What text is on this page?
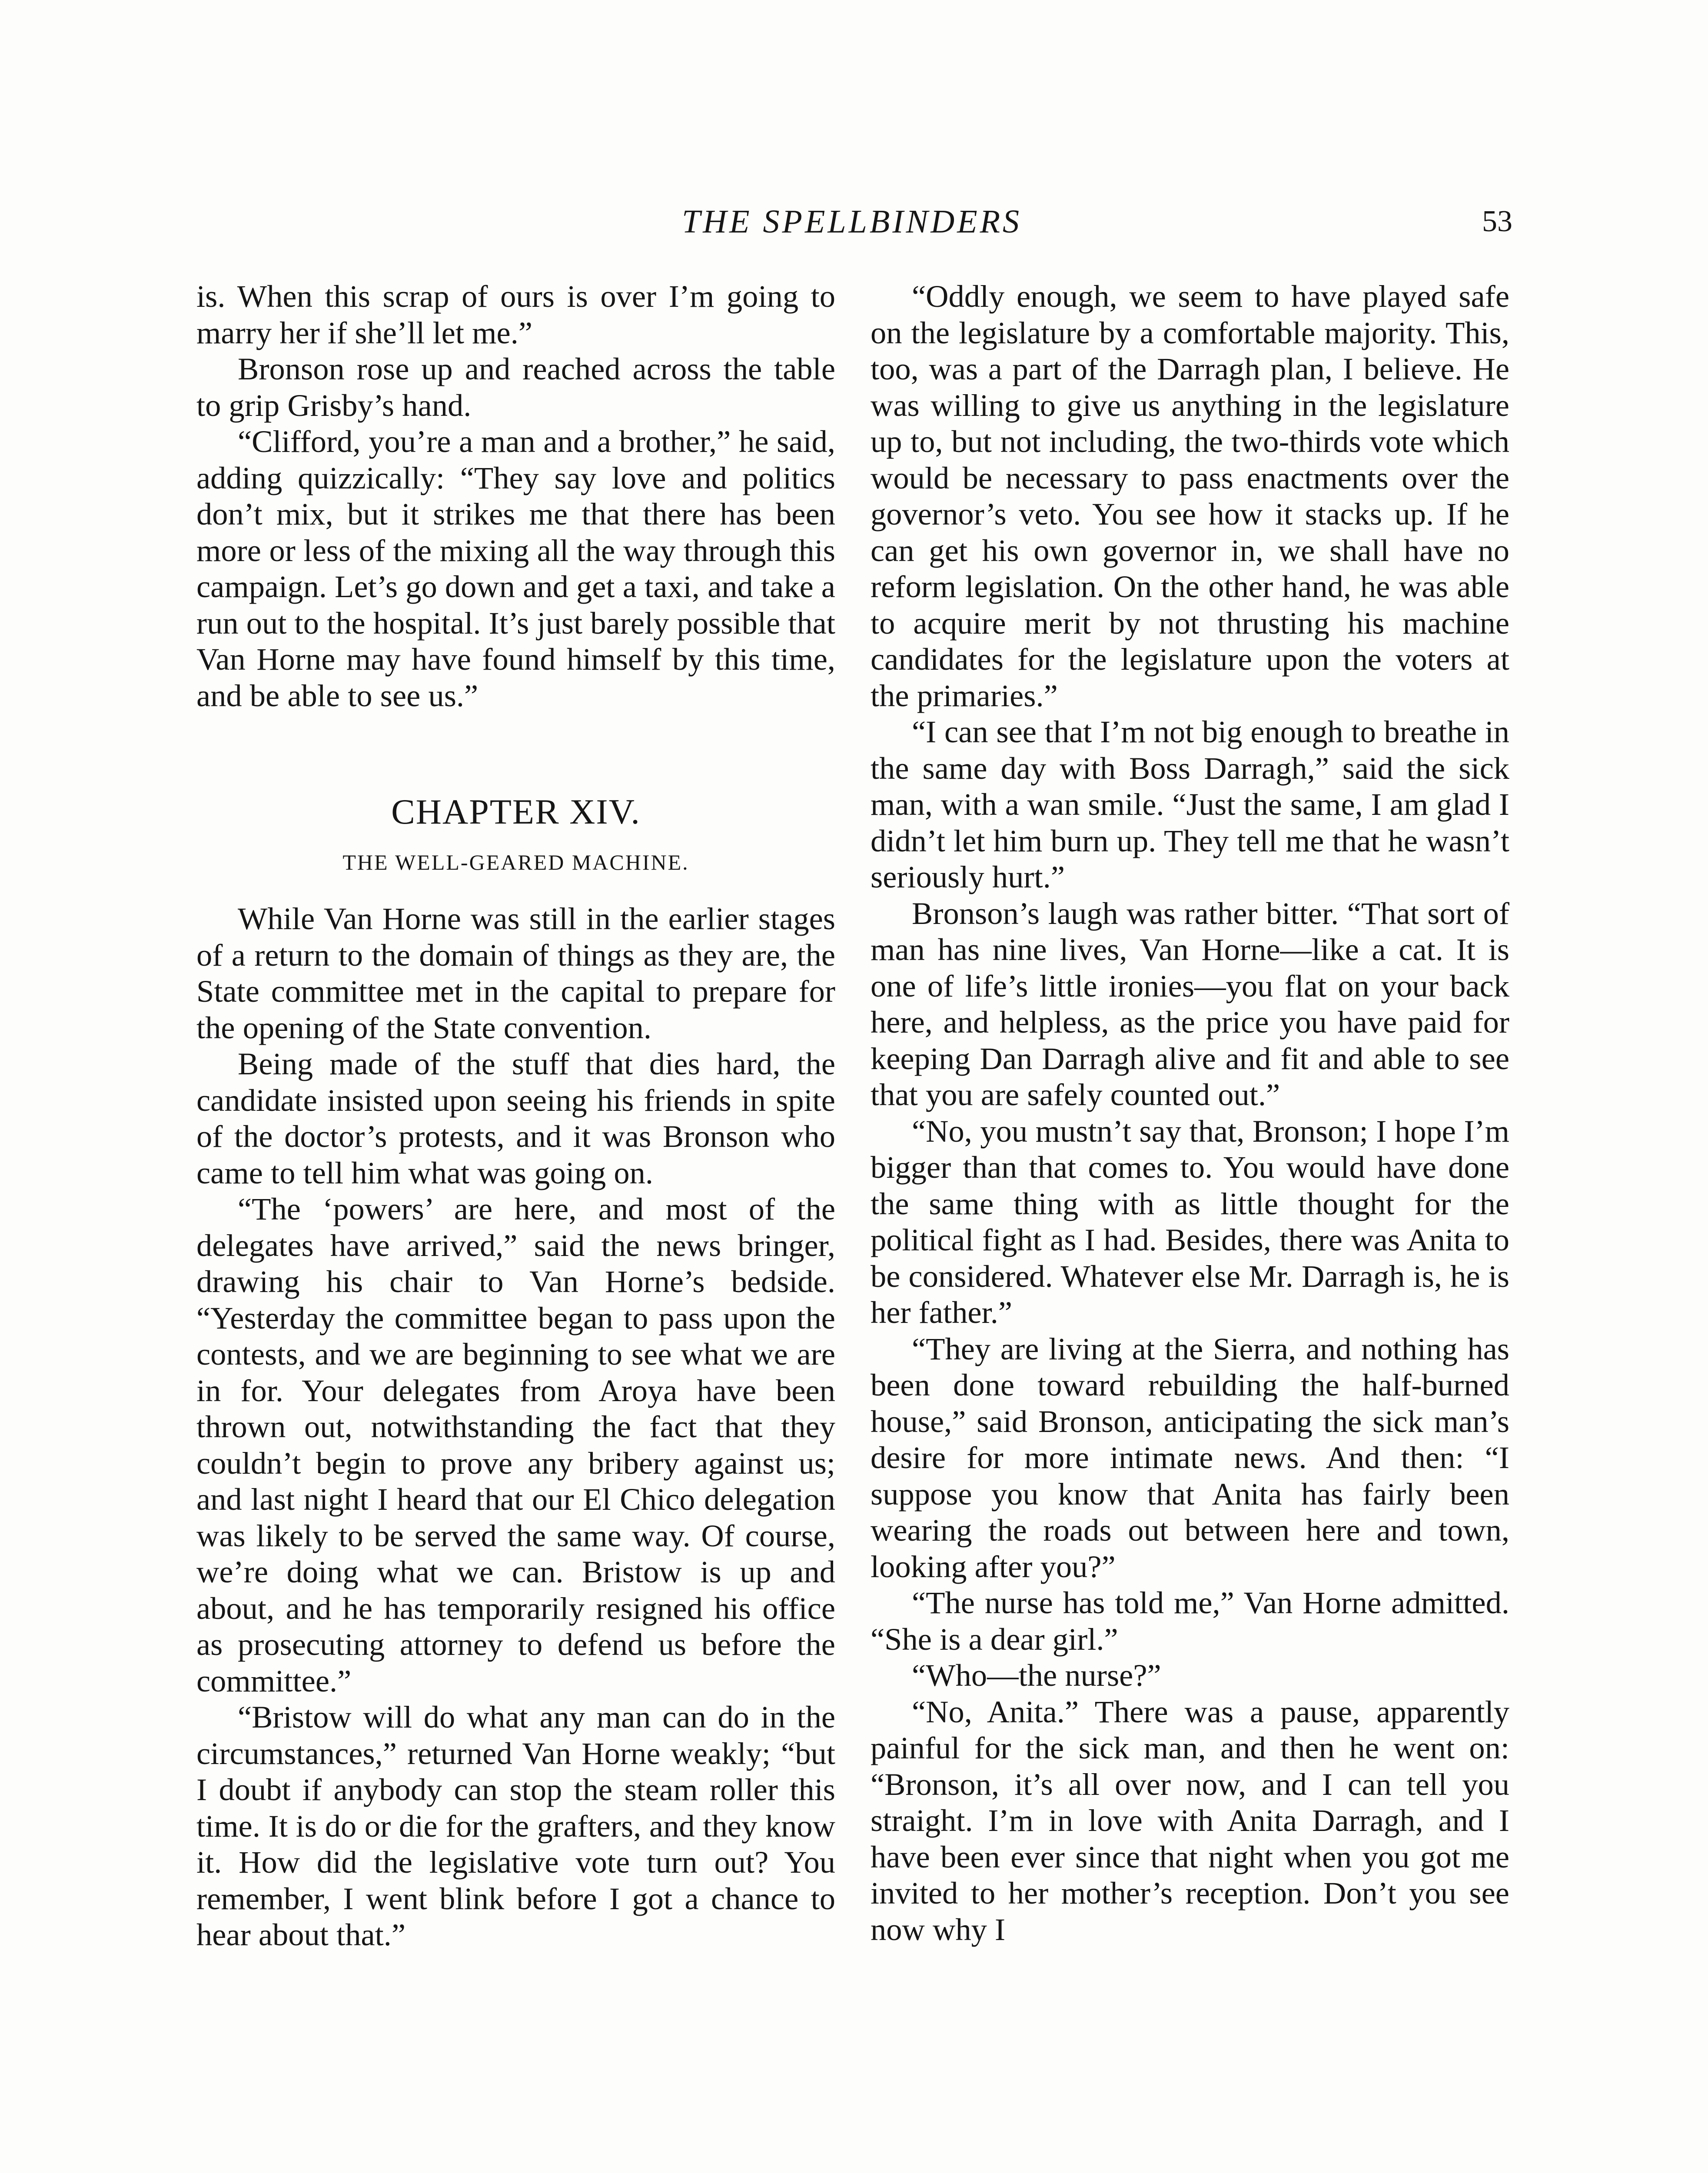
THE SPELLBINDERS	53

is. When this scrap of ours is over I’m going to marry her if she’ll let me.”

Bronson rose up and reached across the table to grip Grisby’s hand.

“Clifford, you’re a man and a brother,” he said, adding quizzically: “They say love and politics don’t mix, but it strikes me that there has been more or less of the mixing all the way through this campaign. Let’s go down and get a taxi, and take a run out to the hospital. It’s just barely possible that Van Horne may have found himself by this time, and be able to see us.”

CHAPTER XIV.
THE WELL-GEARED MACHINE.

While Van Horne was still in the earlier stages of a return to the domain of things as they are, the State committee met in the capital to prepare for the opening of the State convention.

Being made of the stuff that dies hard, the candidate insisted upon seeing his friends in spite of the doctor’s protests, and it was Bronson who came to tell him what was going on.

“The ‘powers’ are here, and most of the delegates have arrived,” said the news bringer, drawing his chair to Van Horne’s bedside. “Yesterday the committee began to pass upon the contests, and we are beginning to see what we are in for. Your delegates from Aroya have been thrown out, notwithstanding the fact that they couldn’t begin to prove any bribery against us; and last night I heard that our El Chico delegation was likely to be served the same way. Of course, we’re doing what we can. Bristow is up and about, and he has temporarily resigned his office as prosecuting attorney to defend us before the committee.”

“Bristow will do what any man can do in the circumstances,” returned Van Horne weakly; “but I doubt if anybody can stop the steam roller this time. It is do or die for the grafters, and they know it. How did the legislative vote turn out? You remember, I went blink before I got a chance to hear about that.”

“Oddly enough, we seem to have played safe on the legislature by a comfortable majority. This, too, was a part of the Darragh plan, I believe. He was willing to give us anything in the legislature up to, but not including, the two-thirds vote which would be necessary to pass enactments over the governor’s veto. You see how it stacks up. If he can get his own governor in, we shall have no reform legislation. On the other hand, he was able to acquire merit by not thrusting his machine candidates for the legislature upon the voters at the primaries.”

“I can see that I’m not big enough to breathe in the same day with Boss Darragh,” said the sick man, with a wan smile. “Just the same, I am glad I didn’t let him burn up. They tell me that he wasn’t seriously hurt.”

Bronson’s laugh was rather bitter. “That sort of man has nine lives, Van Horne—like a cat. It is one of life’s little ironies—you flat on your back here, and helpless, as the price you have paid for keeping Dan Darragh alive and fit and able to see that you are safely counted out.”

“No, you mustn’t say that, Bronson; I hope I’m bigger than that comes to. You would have done the same thing with as little thought for the political fight as I had. Besides, there was Anita to be considered. Whatever else Mr. Darragh is, he is her father.”

“They are living at the Sierra, and nothing has been done toward rebuilding the half-burned house,” said Bronson, anticipating the sick man’s desire for more intimate news. And then: “I suppose you know that Anita has fairly been wearing the roads out between here and town, looking after you?”

“The nurse has told me,” Van Horne admitted. “She is a dear girl.”

“Who—the nurse?”

“No, Anita.” There was a pause, apparently painful for the sick man, and then he went on: “Bronson, it’s all over now, and I can tell you straight. I’m in love with Anita Darragh, and I have been ever since that night when you got me invited to her mother’s reception. Don’t you see now why I
